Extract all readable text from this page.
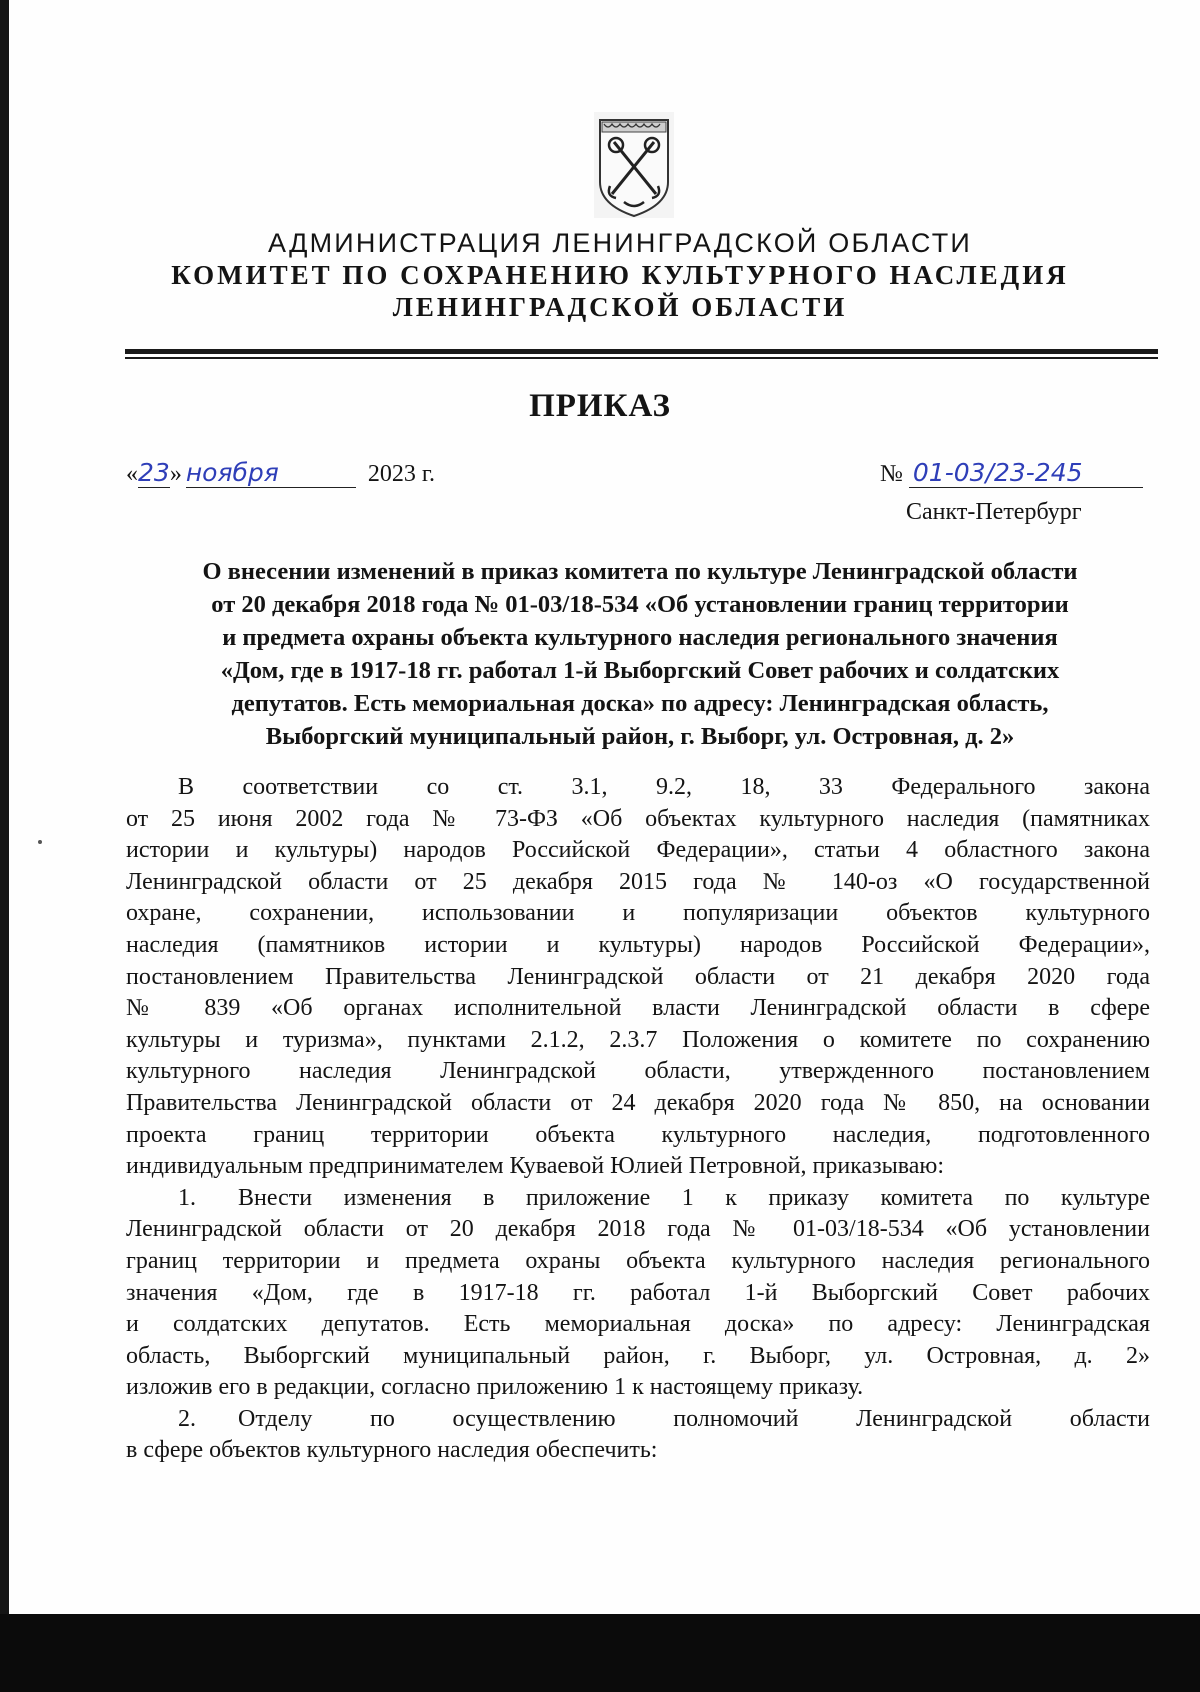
АДМИНИСТРАЦИЯ ЛЕНИНГРАДСКОЙ ОБЛАСТИ
КОМИТЕТ ПО СОХРАНЕНИЮ КУЛЬТУРНОГО НАСЛЕДИЯ
ЛЕНИНГРАДСКОЙ ОБЛАСТИ
ПРИКАЗ
«23» ноября	2023 г.	№ 01-03/23-245
Санкт-Петербург
О внесении изменений в приказ комитета по культуре Ленинградской области
от 20 декабря 2018 года № 01-03/18-534 «Об установлении границ территории
и предмета охраны объекта культурного наследия регионального значения
«Дом, где в 1917-18 гг. работал 1-й Выборгский Совет рабочих и солдатских
депутатов. Есть мемориальная доска» по адресу: Ленинградская область,
Выборгский муниципальный район, г. Выборг, ул. Островная, д. 2»
В соответствии со ст. 3.1, 9.2, 18, 33 Федерального закона
от 25 июня 2002 года № 73-ФЗ «Об объектах культурного наследия (памятниках
истории и культуры) народов Российской Федерации», статьи 4 областного закона
Ленинградской области от 25 декабря 2015 года № 140-оз «О государственной
охране, сохранении, использовании и популяризации объектов культурного
наследия (памятников истории и культуры) народов Российской Федерации»,
постановлением Правительства Ленинградской области от 21 декабря 2020 года
№ 839 «Об органах исполнительной власти Ленинградской области в сфере
культуры и туризма», пунктами 2.1.2, 2.3.7 Положения о комитете по сохранению
культурного наследия Ленинградской области, утвержденного постановлением
Правительства Ленинградской области от 24 декабря 2020 года № 850, на основании
проекта границ территории объекта культурного наследия, подготовленного
индивидуальным предпринимателем Куваевой Юлией Петровной, приказываю:
1. Внести изменения в приложение 1 к приказу комитета по культуре
Ленинградской области от 20 декабря 2018 года № 01-03/18-534 «Об установлении
границ территории и предмета охраны объекта культурного наследия регионального
значения «Дом, где в 1917-18 гг. работал 1-й Выборгский Совет рабочих
и солдатских депутатов. Есть мемориальная доска» по адресу: Ленинградская
область, Выборгский муниципальный район, г. Выборг, ул. Островная, д. 2»
изложив его в редакции, согласно приложению 1 к настоящему приказу.
2. Отделу по осуществлению полномочий Ленинградской области
в сфере объектов культурного наследия обеспечить:
